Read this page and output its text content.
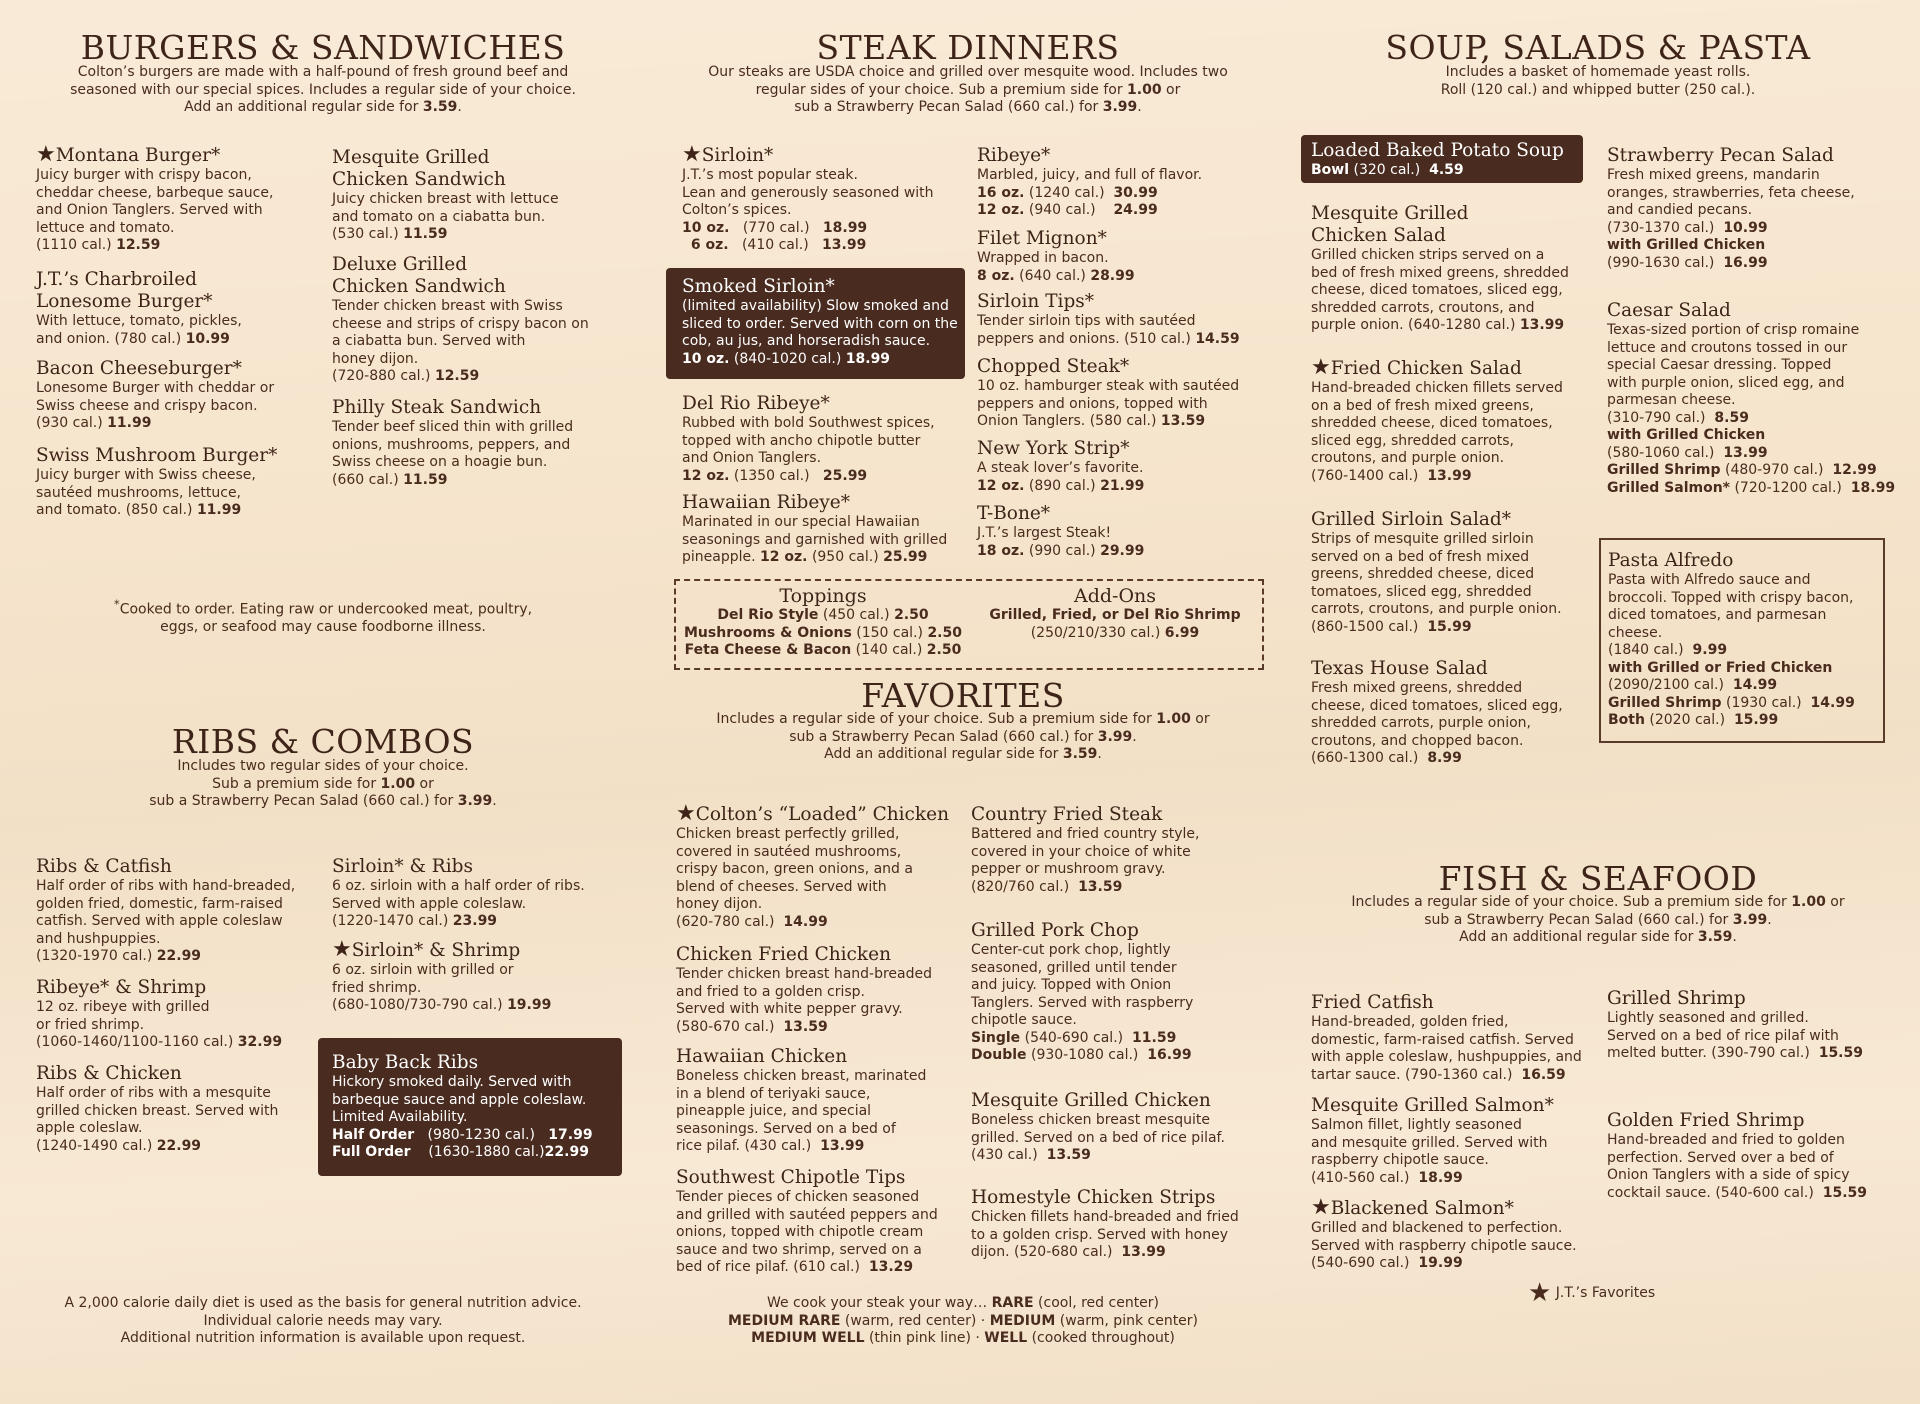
BURGERS & SANDWICHES
Colton’s burgers are made with a half-pound of fresh ground beef and
seasoned with our special spices. Includes a regular side of your choice.
Add an additional regular side for 3.59.
★Montana Burger*
Juicy burger with crispy bacon,
cheddar cheese, barbeque sauce,
and Onion Tanglers. Served with
lettuce and tomato.
(1110 cal.) 12.59
J.T.’s Charbroiled
Lonesome Burger*
With lettuce, tomato, pickles,
and onion. (780 cal.) 10.99
Bacon Cheeseburger*
Lonesome Burger with cheddar or
Swiss cheese and crispy bacon.
(930 cal.) 11.99
Swiss Mushroom Burger*
Juicy burger with Swiss cheese,
sautéed mushrooms, lettuce,
and tomato. (850 cal.) 11.99
Mesquite Grilled
Chicken Sandwich
Juicy chicken breast with lettuce
and tomato on a ciabatta bun.
(530 cal.) 11.59
Deluxe Grilled
Chicken Sandwich
Tender chicken breast with Swiss
cheese and strips of crispy bacon on
a ciabatta bun. Served with
honey dijon.
(720-880 cal.) 12.59
Philly Steak Sandwich
Tender beef sliced thin with grilled
onions, mushrooms, peppers, and
Swiss cheese on a hoagie bun.
(660 cal.) 11.59
*Cooked to order. Eating raw or undercooked meat, poultry,
eggs, or seafood may cause foodborne illness.
RIBS & COMBOS
Includes two regular sides of your choice.
Sub a premium side for 1.00 or
sub a Strawberry Pecan Salad (660 cal.) for 3.99.
Ribs & Catfish
Half order of ribs with hand-breaded,
golden fried, domestic, farm-raised
catfish. Served with apple coleslaw
and hushpuppies.
(1320-1970 cal.) 22.99
Ribeye* & Shrimp
12 oz. ribeye with grilled
or fried shrimp.
(1060-1460/1100-1160 cal.) 32.99
Ribs & Chicken
Half order of ribs with a mesquite
grilled chicken breast. Served with
apple coleslaw.
(1240-1490 cal.) 22.99
Sirloin* & Ribs
6 oz. sirloin with a half order of ribs.
Served with apple coleslaw.
(1220-1470 cal.) 23.99
★Sirloin* & Shrimp
6 oz. sirloin with grilled or
fried shrimp.
(680-1080/730-790 cal.) 19.99
Baby Back Ribs
Hickory smoked daily. Served with
barbeque sauce and apple coleslaw.
Limited Availability.
Half Order (980-1230 cal.) 17.99
Full Order (1630-1880 cal.)22.99
A 2,000 calorie daily diet is used as the basis for general nutrition advice.
Individual calorie needs may vary.
Additional nutrition information is available upon request.
STEAK DINNERS
Our steaks are USDA choice and grilled over mesquite wood. Includes two
regular sides of your choice. Sub a premium side for 1.00 or
sub a Strawberry Pecan Salad (660 cal.) for 3.99.
★Sirloin*
J.T.’s most popular steak.
Lean and generously seasoned with
Colton’s spices.
10 oz. (770 cal.) 18.99
6 oz. (410 cal.) 13.99
Smoked Sirloin*
(limited availability) Slow smoked and
sliced to order. Served with corn on the
cob, au jus, and horseradish sauce.
10 oz. (840-1020 cal.) 18.99
Del Rio Ribeye*
Rubbed with bold Southwest spices,
topped with ancho chipotle butter
and Onion Tanglers.
12 oz. (1350 cal.) 25.99
Hawaiian Ribeye*
Marinated in our special Hawaiian
seasonings and garnished with grilled
pineapple. 12 oz. (950 cal.) 25.99
Ribeye*
Marbled, juicy, and full of flavor.
16 oz. (1240 cal.) 30.99
12 oz. (940 cal.) 24.99
Filet Mignon*
Wrapped in bacon.
8 oz. (640 cal.) 28.99
Sirloin Tips*
Tender sirloin tips with sautéed
peppers and onions. (510 cal.) 14.59
Chopped Steak*
10 oz. hamburger steak with sautéed
peppers and onions, topped with
Onion Tanglers. (580 cal.) 13.59
New York Strip*
A steak lover’s favorite.
12 oz. (890 cal.) 21.99
T-Bone*
J.T.’s largest Steak!
18 oz. (990 cal.) 29.99
Toppings
Del Rio Style (450 cal.) 2.50
Mushrooms & Onions (150 cal.) 2.50
Feta Cheese & Bacon (140 cal.) 2.50
Add-Ons
Grilled, Fried, or Del Rio Shrimp
(250/210/330 cal.) 6.99
FAVORITES
Includes a regular side of your choice. Sub a premium side for 1.00 or
sub a Strawberry Pecan Salad (660 cal.) for 3.99.
Add an additional regular side for 3.59.
★Colton’s “Loaded” Chicken
Chicken breast perfectly grilled,
covered in sautéed mushrooms,
crispy bacon, green onions, and a
blend of cheeses. Served with
honey dijon.
(620-780 cal.) 14.99
Chicken Fried Chicken
Tender chicken breast hand-breaded
and fried to a golden crisp.
Served with white pepper gravy.
(580-670 cal.) 13.59
Hawaiian Chicken
Boneless chicken breast, marinated
in a blend of teriyaki sauce,
pineapple juice, and special
seasonings. Served on a bed of
rice pilaf. (430 cal.) 13.99
Southwest Chipotle Tips
Tender pieces of chicken seasoned
and grilled with sautéed peppers and
onions, topped with chipotle cream
sauce and two shrimp, served on a
bed of rice pilaf. (610 cal.) 13.29
Country Fried Steak
Battered and fried country style,
covered in your choice of white
pepper or mushroom gravy.
(820/760 cal.) 13.59
Grilled Pork Chop
Center-cut pork chop, lightly
seasoned, grilled until tender
and juicy. Topped with Onion
Tanglers. Served with raspberry
chipotle sauce.
Single (540-690 cal.) 11.59
Double (930-1080 cal.) 16.99
Mesquite Grilled Chicken
Boneless chicken breast mesquite
grilled. Served on a bed of rice pilaf.
(430 cal.) 13.59
Homestyle Chicken Strips
Chicken fillets hand-breaded and fried
to a golden crisp. Served with honey
dijon. (520-680 cal.) 13.99
We cook your steak your way… RARE (cool, red center)
MEDIUM RARE (warm, red center) · MEDIUM (warm, pink center)
MEDIUM WELL (thin pink line) · WELL (cooked throughout)
SOUP, SALADS & PASTA
Includes a basket of homemade yeast rolls.
Roll (120 cal.) and whipped butter (250 cal.).
Loaded Baked Potato Soup
Bowl (320 cal.) 4.59
Mesquite Grilled
Chicken Salad
Grilled chicken strips served on a
bed of fresh mixed greens, shredded
cheese, diced tomatoes, sliced egg,
shredded carrots, croutons, and
purple onion. (640-1280 cal.) 13.99
★Fried Chicken Salad
Hand-breaded chicken fillets served
on a bed of fresh mixed greens,
shredded cheese, diced tomatoes,
sliced egg, shredded carrots,
croutons, and purple onion.
(760-1400 cal.) 13.99
Grilled Sirloin Salad*
Strips of mesquite grilled sirloin
served on a bed of fresh mixed
greens, shredded cheese, diced
tomatoes, sliced egg, shredded
carrots, croutons, and purple onion.
(860-1500 cal.) 15.99
Texas House Salad
Fresh mixed greens, shredded
cheese, diced tomatoes, sliced egg,
shredded carrots, purple onion,
croutons, and chopped bacon.
(660-1300 cal.) 8.99
Strawberry Pecan Salad
Fresh mixed greens, mandarin
oranges, strawberries, feta cheese,
and candied pecans.
(730-1370 cal.) 10.99
with Grilled Chicken
(990-1630 cal.) 16.99
Caesar Salad
Texas-sized portion of crisp romaine
lettuce and croutons tossed in our
special Caesar dressing. Topped
with purple onion, sliced egg, and
parmesan cheese.
(310-790 cal.) 8.59
with Grilled Chicken
(580-1060 cal.) 13.99
Grilled Shrimp (480-970 cal.) 12.99
Grilled Salmon* (720-1200 cal.) 18.99
Pasta Alfredo
Pasta with Alfredo sauce and
broccoli. Topped with crispy bacon,
diced tomatoes, and parmesan
cheese.
(1840 cal.) 9.99
with Grilled or Fried Chicken
(2090/2100 cal.) 14.99
Grilled Shrimp (1930 cal.) 14.99
Both (2020 cal.) 15.99
FISH & SEAFOOD
Includes a regular side of your choice. Sub a premium side for 1.00 or
sub a Strawberry Pecan Salad (660 cal.) for 3.99.
Add an additional regular side for 3.59.
Fried Catfish
Hand-breaded, golden fried,
domestic, farm-raised catfish. Served
with apple coleslaw, hushpuppies, and
tartar sauce. (790-1360 cal.) 16.59
Mesquite Grilled Salmon*
Salmon fillet, lightly seasoned
and mesquite grilled. Served with
raspberry chipotle sauce.
(410-560 cal.) 18.99
★Blackened Salmon*
Grilled and blackened to perfection.
Served with raspberry chipotle sauce.
(540-690 cal.) 19.99
Grilled Shrimp
Lightly seasoned and grilled.
Served on a bed of rice pilaf with
melted butter. (390-790 cal.) 15.59
Golden Fried Shrimp
Hand-breaded and fried to golden
perfection. Served over a bed of
Onion Tanglers with a side of spicy
cocktail sauce. (540-600 cal.) 15.59
★ J.T.’s Favorites
